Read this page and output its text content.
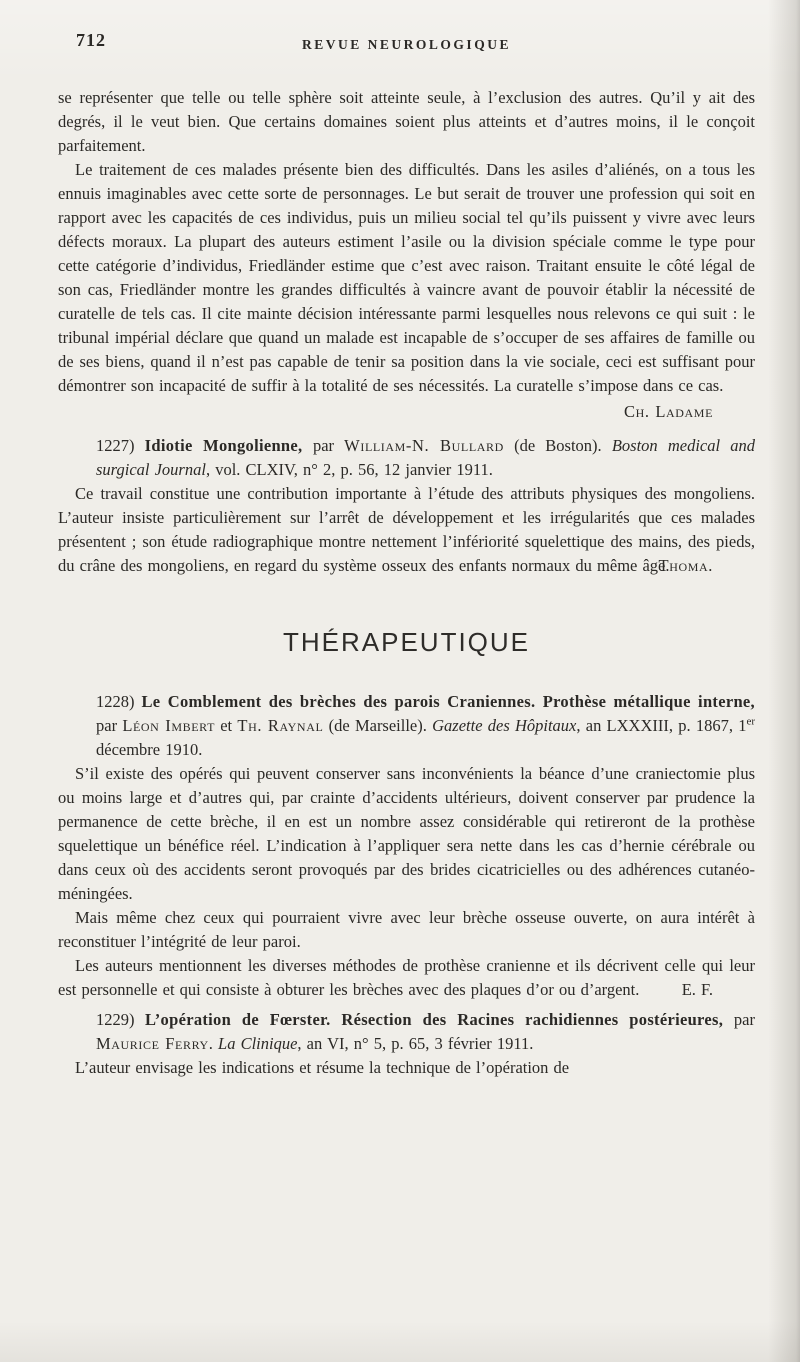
712	REVUE NEUROLOGIQUE

se représenter que telle ou telle sphère soit atteinte seule, à l’exclusion des autres. Qu’il y ait des degrés, il le veut bien. Que certains domaines soient plus atteints et d’autres moins, il le conçoit parfaitement.

Le traitement de ces malades présente bien des difficultés. Dans les asiles d’aliénés, on a tous les ennuis imaginables avec cette sorte de personnages. Le but serait de trouver une profession qui soit en rapport avec les capacités de ces individus, puis un milieu social tel qu’ils puissent y vivre avec leurs défects moraux. La plupart des auteurs estiment l’asile ou la division spéciale comme le type pour cette catégorie d’individus, Friedländer estime que c’est avec raison. Traitant ensuite le côté légal de son cas, Friedländer montre les grandes difficultés à vaincre avant de pouvoir établir la nécessité de curatelle de tels cas. Il cite mainte décision intéressante parmi lesquelles nous relevons ce qui suit : le tribunal impérial déclare que quand un malade est incapable de s’occuper de ses affaires de famille ou de ses biens, quand il n’est pas capable de tenir sa position dans la vie sociale, ceci est suffisant pour démontrer son incapacité de suffir à la totalité de ses nécessités. La curatelle s’impose dans ce cas.

Ch. Ladame

1227) Idiotie Mongolienne, par William-N. Bullard (de Boston). Boston medical and surgical Journal, vol. CLXIV, n° 2, p. 56, 12 janvier 1911.

Ce travail constitue une contribution importante à l’étude des attributs physiques des mongoliens. L’auteur insiste particulièrement sur l’arrêt de développement et les irrégularités que ces malades présentent ; son étude radiographique montre nettement l’infériorité squelettique des mains, des pieds, du crâne des mongoliens, en regard du système osseux des enfants normaux du même âge.

Thoma.
THÉRAPEUTIQUE

1228) Le Comblement des brèches des parois Craniennes. Prothèse métallique interne, par Léon Imbert et Th. Raynal (de Marseille). Gazette des Hôpitaux, an LXXXIII, p. 1867, 1er décembre 1910.

S’il existe des opérés qui peuvent conserver sans inconvénients la béance d’une craniectomie plus ou moins large et d’autres qui, par crainte d’accidents ultérieurs, doivent conserver par prudence la permanence de cette brèche, il en est un nombre assez considérable qui retireront de la prothèse squelettique un bénéfice réel. L’indication à l’appliquer sera nette dans les cas d’hernie cérébrale ou dans ceux où des accidents seront provoqués par des brides cicatricielles ou des adhérences cutanéo-méningées.

Mais même chez ceux qui pourraient vivre avec leur brèche osseuse ouverte, on aura intérêt à reconstituer l’intégrité de leur paroi.

Les auteurs mentionnent les diverses méthodes de prothèse cranienne et ils décrivent celle qui leur est personnelle et qui consiste à obturer les brèches avec des plaques d’or ou d’argent.	E. F.

1229) L’opération de Fœrster. Résection des Racines rachidiennes postérieures, par Maurice Ferry. La Clinique, an VI, n° 5, p. 65, 3 février 1911.

L’auteur envisage les indications et résume la technique de l’opération de
